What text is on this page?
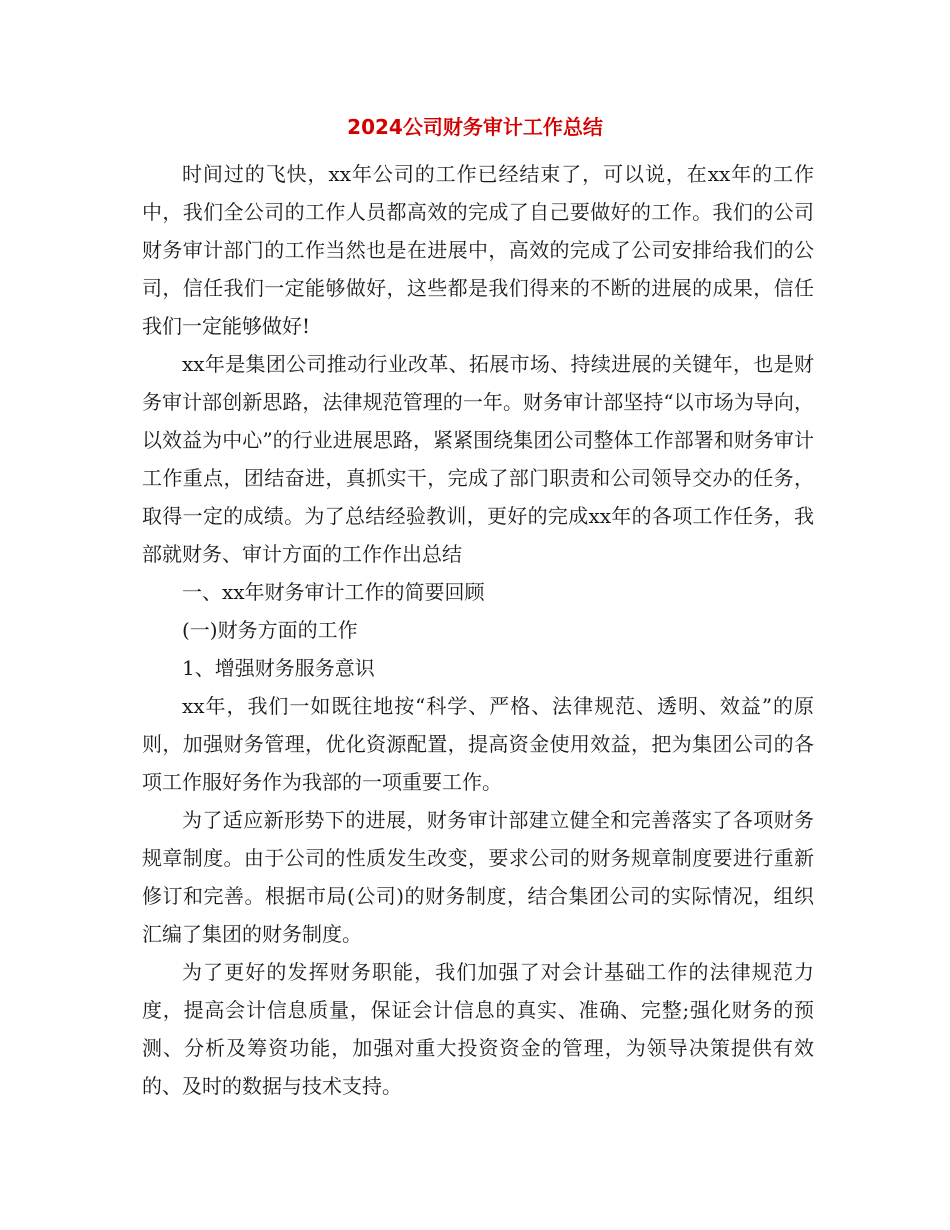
2024公司财务审计工作总结

时间过的飞快，xx年公司的工作已经结束了，可以说，在xx年的工作中，我们全公司的工作人员都高效的完成了自己要做好的工作。我们的公司财务审计部门的工作当然也是在进展中，高效的完成了公司安排给我们的公司，信任我们一定能够做好，这些都是我们得来的不断的进展的成果，信任我们一定能够做好!

xx年是集团公司推动行业改革、拓展市场、持续进展的关键年，也是财务审计部创新思路，法律规范管理的一年。财务审计部坚持“以市场为导向，以效益为中心”的行业进展思路，紧紧围绕集团公司整体工作部署和财务审计工作重点，团结奋进，真抓实干，完成了部门职责和公司领导交办的任务，取得一定的成绩。为了总结经验教训，更好的完成xx年的各项工作任务，我部就财务、审计方面的工作作出总结

一、xx年财务审计工作的简要回顾

(一)财务方面的工作

1、增强财务服务意识

xx年，我们一如既往地按“科学、严格、法律规范、透明、效益”的原则，加强财务管理，优化资源配置，提高资金使用效益，把为集团公司的各项工作服好务作为我部的一项重要工作。

为了适应新形势下的进展，财务审计部建立健全和完善落实了各项财务规章制度。由于公司的性质发生改变，要求公司的财务规章制度要进行重新修订和完善。根据市局(公司)的财务制度，结合集团公司的实际情况，组织汇编了集团的财务制度。

为了更好的发挥财务职能，我们加强了对会计基础工作的法律规范力度，提高会计信息质量，保证会计信息的真实、准确、完整;强化财务的预测、分析及筹资功能，加强对重大投资资金的管理，为领导决策提供有效的、及时的数据与技术支持。
